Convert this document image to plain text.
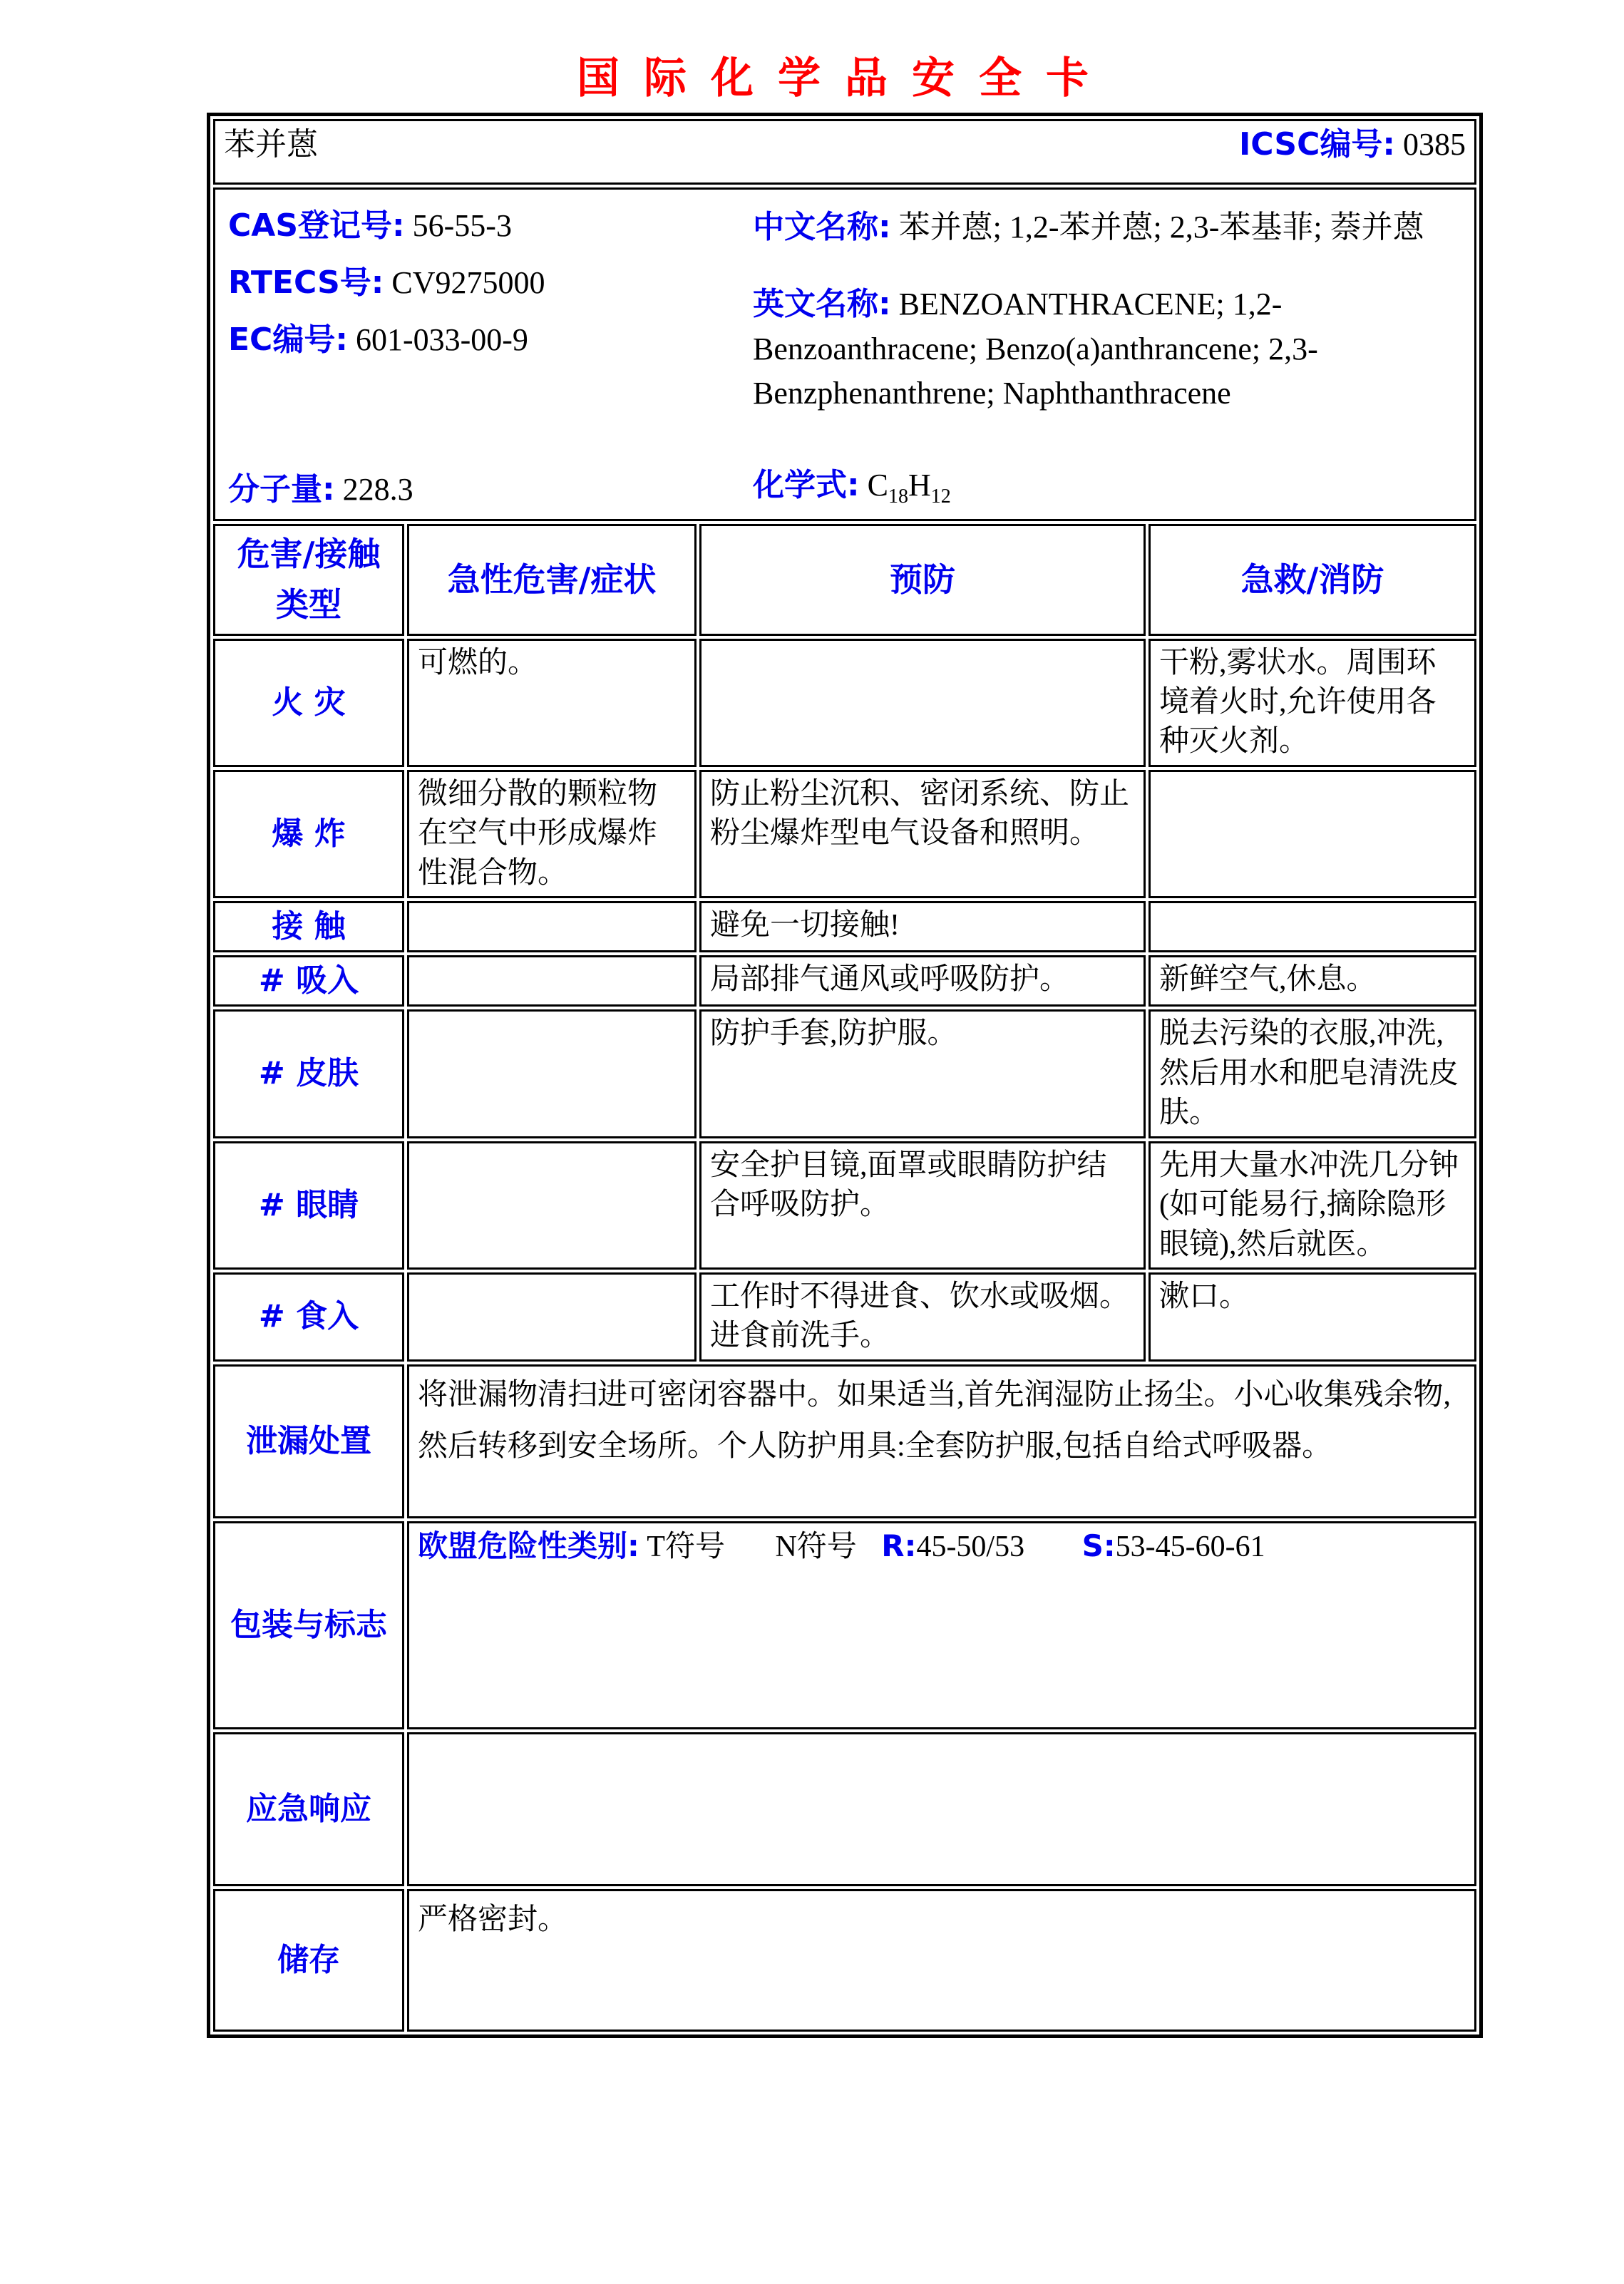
国际化学品安全卡
苯并蒽 ICSC编号: 0385			

CAS登记号: 56-55-3
RTECS号: CV9275000
EC编号: 601-033-00-9
分子量: 228.3
中文名称: 苯并蒽; 1,2-苯并蒽; 2,3-苯基菲; 萘并蒽
英文名称: BENZOANTHRACENE; 1,2-Benzoanthracene; Benzo(a)anthrancene; 2,3-Benzphenanthrene; Naphthanthracene
化学式: $C_{18}H_{12}$

危害/接触类型	急性危害/症状	预防	急救/消防
火 灾	可燃的。		干粉,雾状水。周围环境着火时,允许使用各种灭火剂。
爆 炸	微细分散的颗粒物在空气中形成爆炸性混合物。	防止粉尘沉积、密闭系统、防止粉尘爆炸型电气设备和照明。	
接 触		避免一切接触!	
# 吸入		局部排气通风或呼吸防护。	新鲜空气,休息。
# 皮肤		防护手套,防护服。	脱去污染的衣服,冲洗,然后用水和肥皂清洗皮肤。
# 眼睛		安全护目镜,面罩或眼睛防护结合呼吸防护。	先用大量水冲洗几分钟(如可能易行,摘除隐形眼镜),然后就医。
# 食入		工作时不得进食、饮水或吸烟。进食前洗手。	漱口。
泄漏处置	将泄漏物清扫进可密闭容器中。如果适当,首先润湿防止扬尘。小心收集残余物,然后转移到安全场所。个人防护用具:全套防护服,包括自给式呼吸器。		
包装与标志	欧盟危险性类别: T符号 N符号 R:45-50/53 S:53-45-60-61		

应急响应			
储存	严格密封。		
